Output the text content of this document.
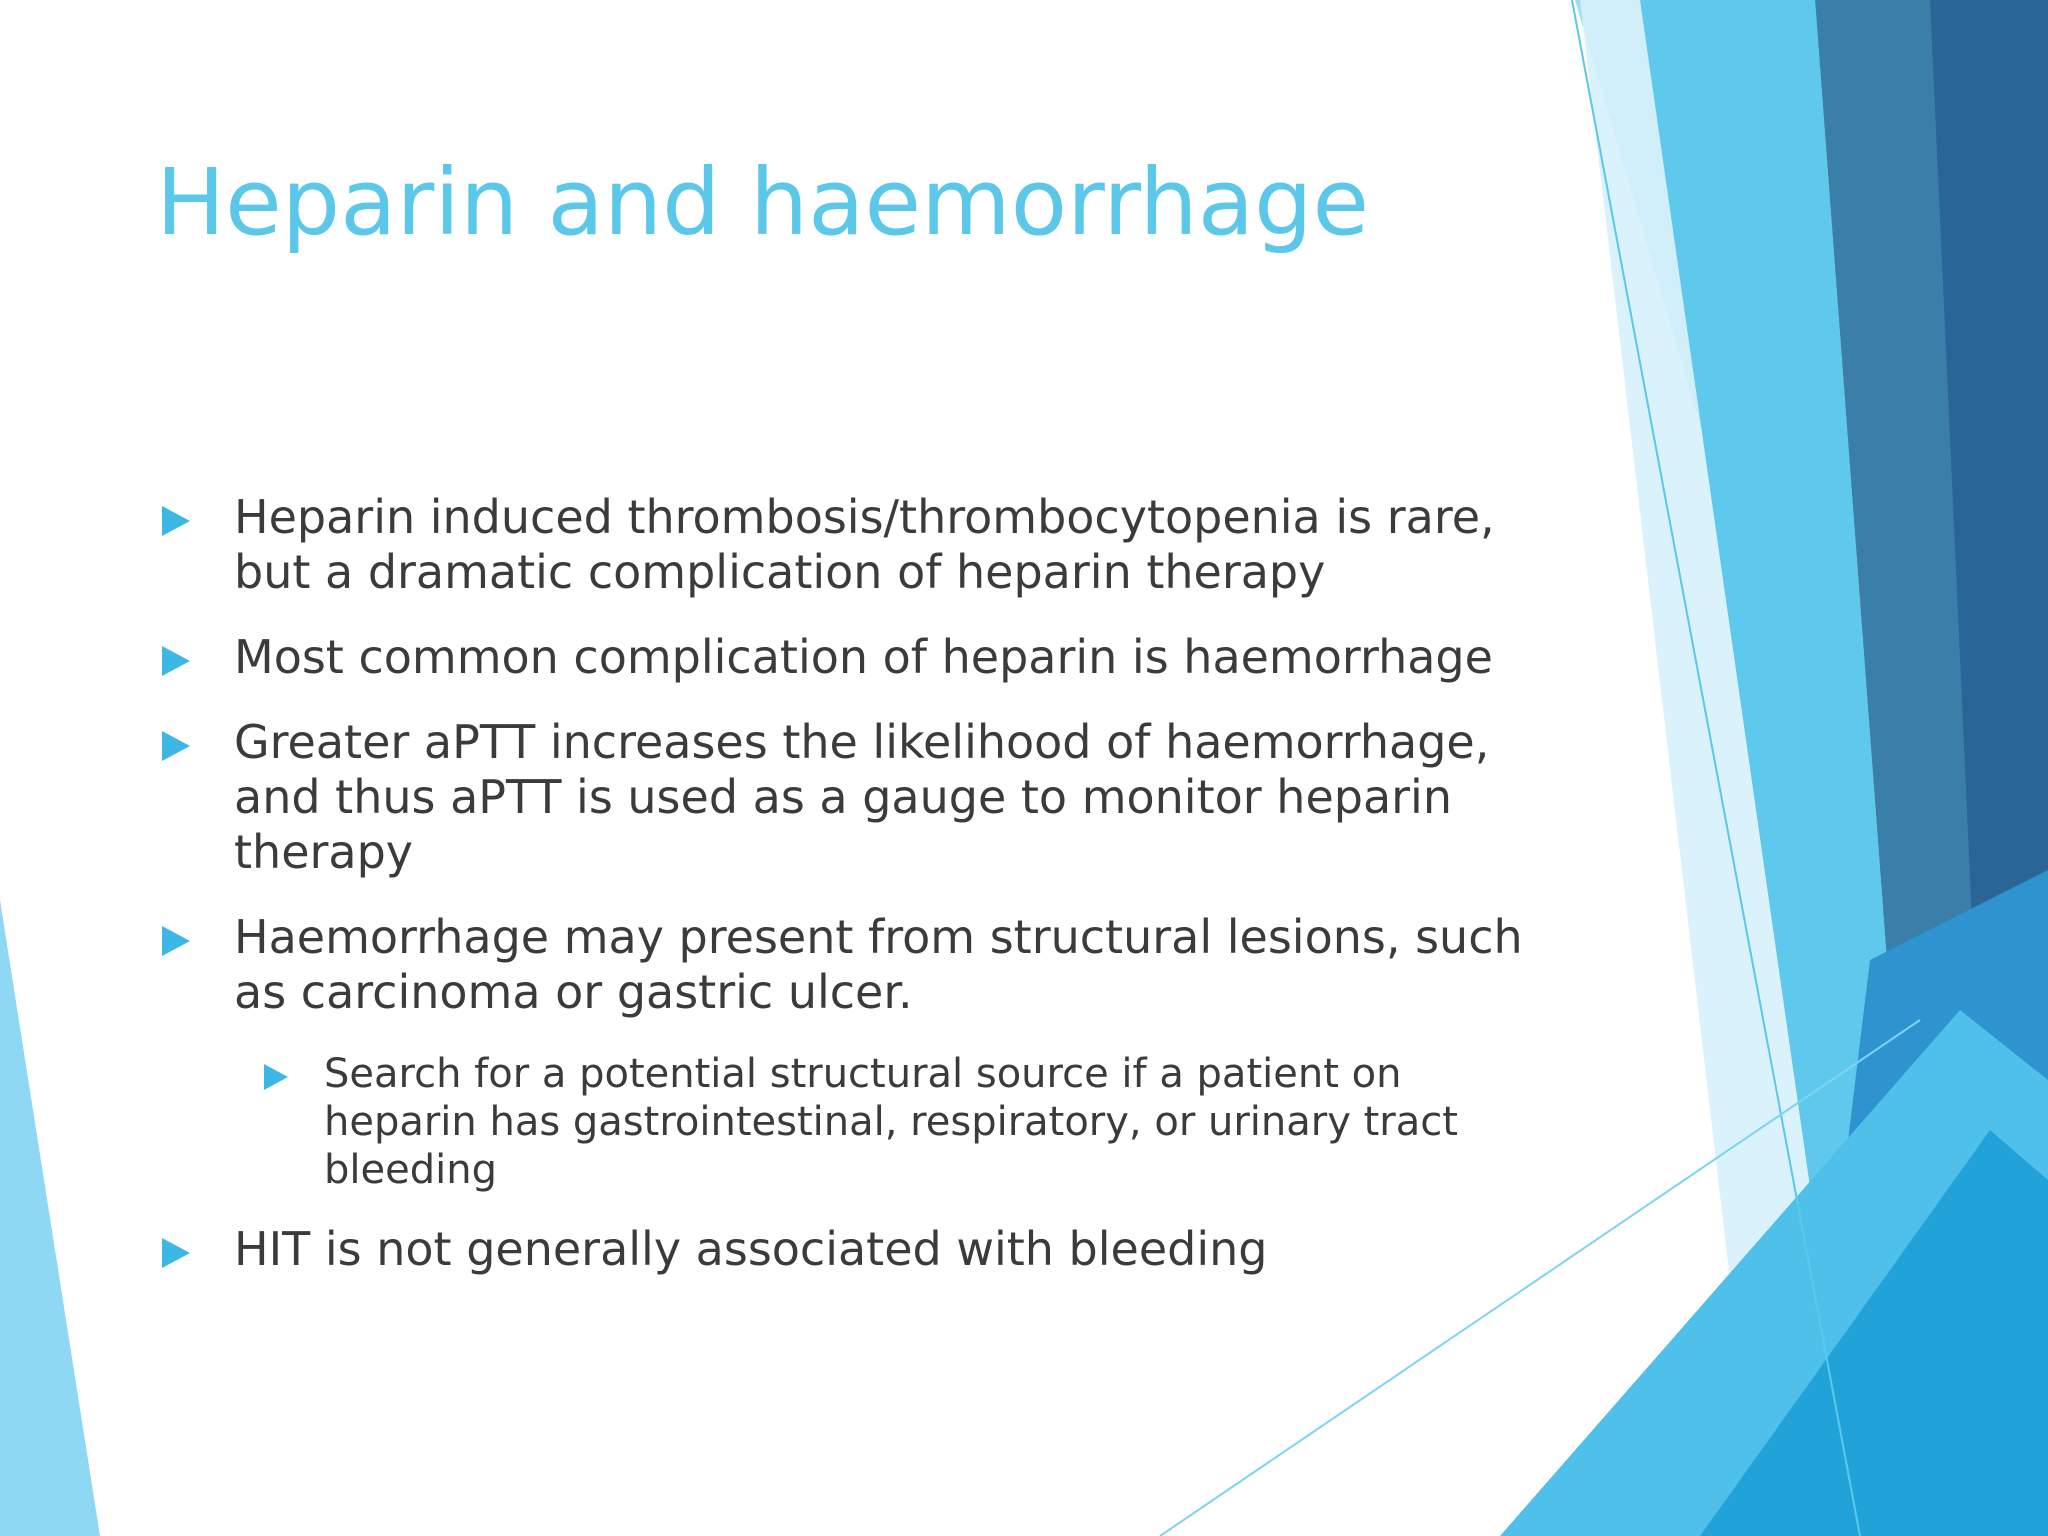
Heparin and haemorrhage
Heparin induced thrombosis/thrombocytopenia is rare, but a dramatic complication of heparin therapy
Most common complication of heparin is haemorrhage
Greater aPTT increases the likelihood of haemorrhage, and thus aPTT is used as a gauge to monitor heparin therapy
Haemorrhage may present from structural lesions, such as carcinoma or gastric ulcer.
Search for a potential structural source if a patient on heparin has gastrointestinal, respiratory, or urinary tract bleeding
HIT is not generally associated with bleeding
